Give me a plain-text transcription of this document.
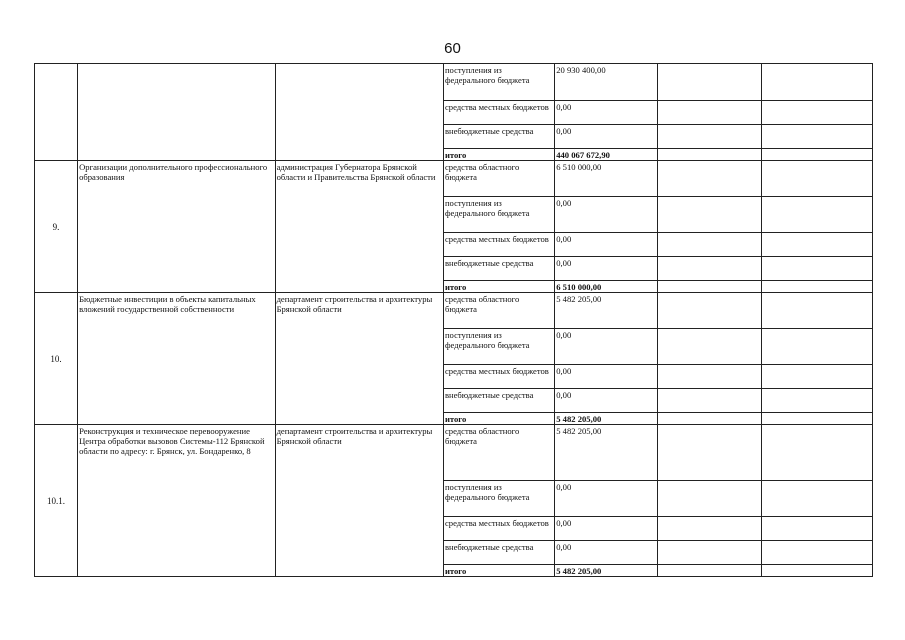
60
			поступления из федерального бюджета	20 930 400,00		
			средства местных бюджетов	0,00		
			внебюджетные средства	0,00		
			итого	440 067 672,90		
9.	Организации дополнительного профессионального образования	администрация Губернатора Брянской области и Правительства Брянской области	средства областного бюджета	6 510 000,00		
			поступления из федерального бюджета	0,00		
			средства местных бюджетов	0,00		
			внебюджетные средства	0,00		
			итого	6 510 000,00		
10.	Бюджетные инвестиции в объекты капитальных вложений государственной собственности	департамент строительства и архитектуры Брянской области	средства областного бюджета	5 482 205,00		
			поступления из федерального бюджета	0,00		
			средства местных бюджетов	0,00		
			внебюджетные средства	0,00		
			итого	5 482 205,00		
10.1.	Реконструкция и техническое перевооружение Центра обработки вызовов Системы-112 Брянской области по адресу: г. Брянск, ул. Бондаренко, 8	департамент строительства и архитектуры Брянской области	средства областного бюджета	5 482 205,00		
			поступления из федерального бюджета	0,00		
			средства местных бюджетов	0,00		
			внебюджетные средства	0,00		
			итого	5 482 205,00		
